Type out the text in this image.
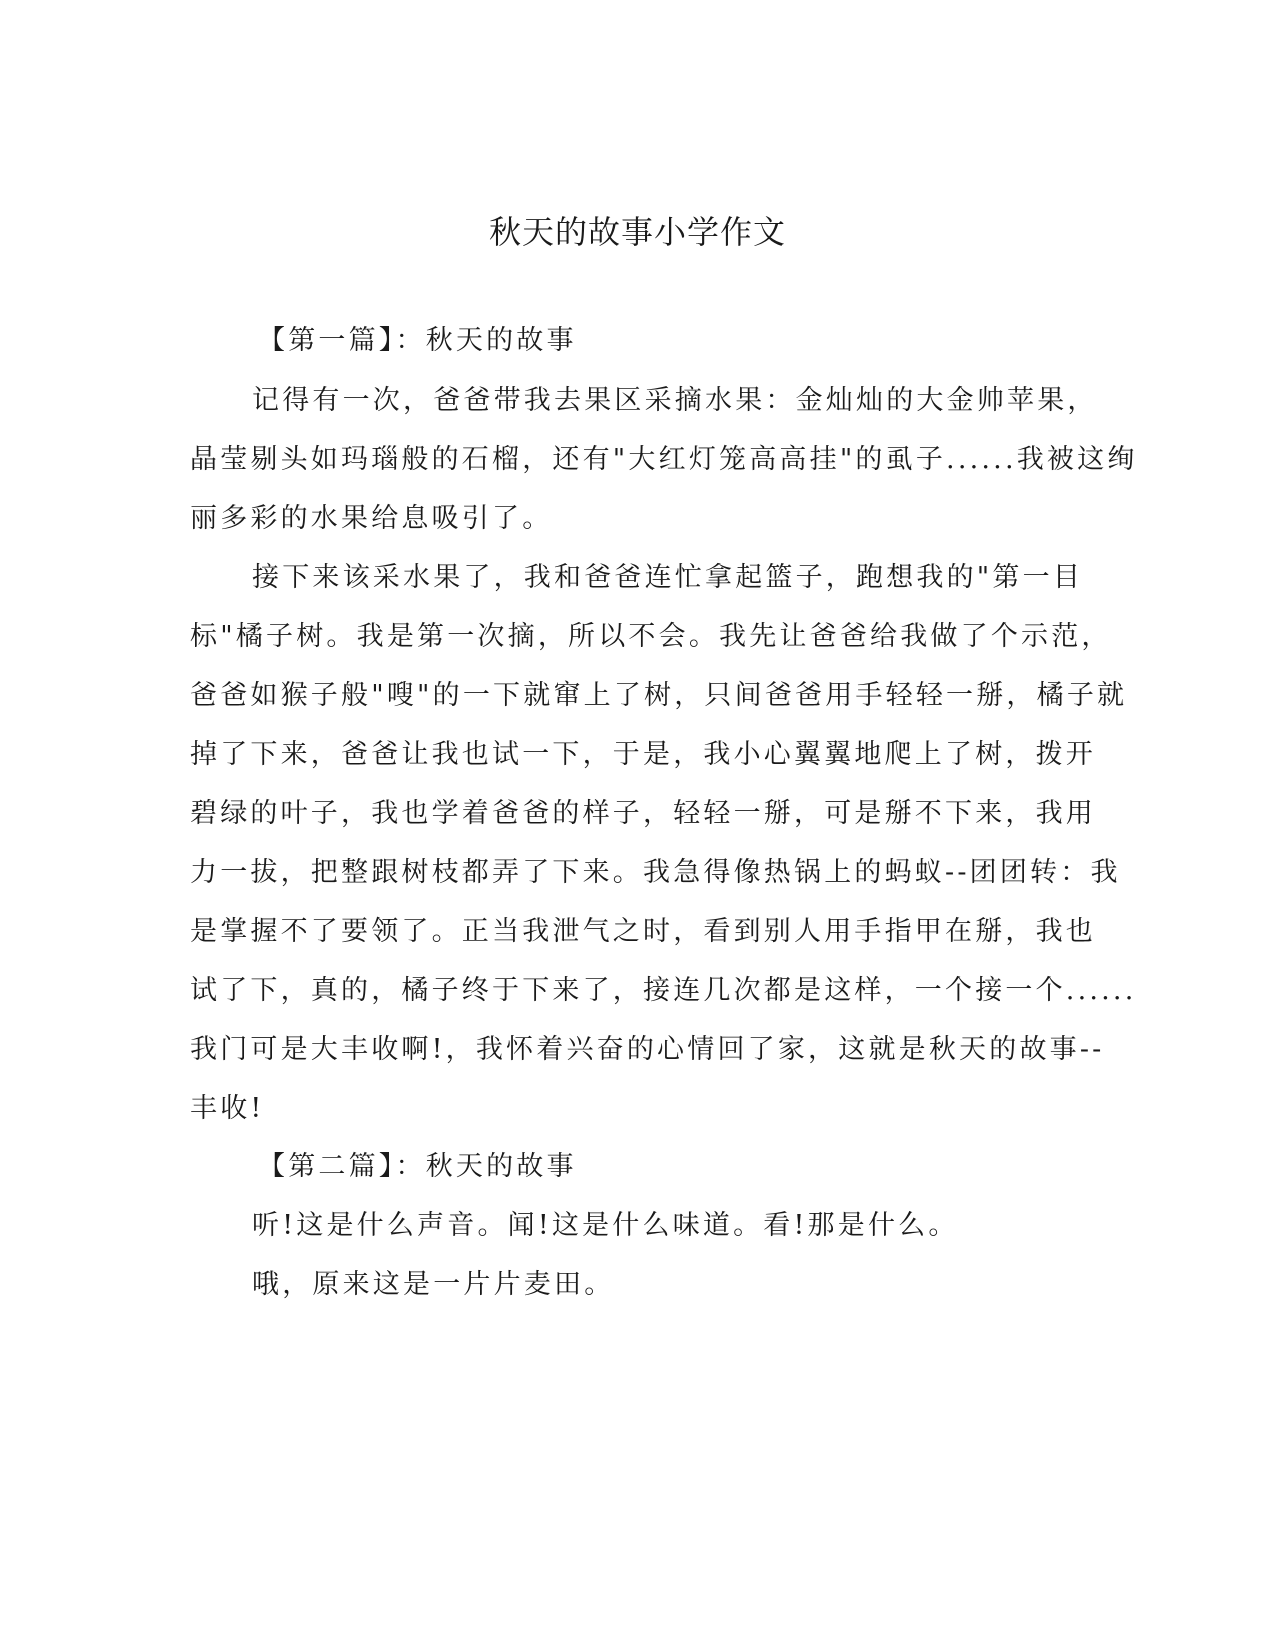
秋天的故事小学作文
【第一篇】：秋天的故事
记得有一次，爸爸带我去果区采摘水果：金灿灿的大金帅苹果，
晶莹剔头如玛瑙般的石榴，还有"大红灯笼高高挂"的虱子......我被这绚
丽多彩的水果给息吸引了。
接下来该采水果了，我和爸爸连忙拿起篮子，跑想我的"第一目
标"橘子树。我是第一次摘，所以不会。我先让爸爸给我做了个示范，
爸爸如猴子般"嗖"的一下就窜上了树，只间爸爸用手轻轻一掰，橘子就
掉了下来，爸爸让我也试一下，于是，我小心翼翼地爬上了树，拨开
碧绿的叶子，我也学着爸爸的样子，轻轻一掰，可是掰不下来，我用
力一拔，把整跟树枝都弄了下来。我急得像热锅上的蚂蚁--团团转：我
是掌握不了要领了。正当我泄气之时，看到别人用手指甲在掰，我也
试了下，真的，橘子终于下来了，接连几次都是这样，一个接一个......
我门可是大丰收啊!，我怀着兴奋的心情回了家，这就是秋天的故事--
丰收!
【第二篇】：秋天的故事
听!这是什么声音。闻!这是什么味道。看!那是什么。
哦，原来这是一片片麦田。
